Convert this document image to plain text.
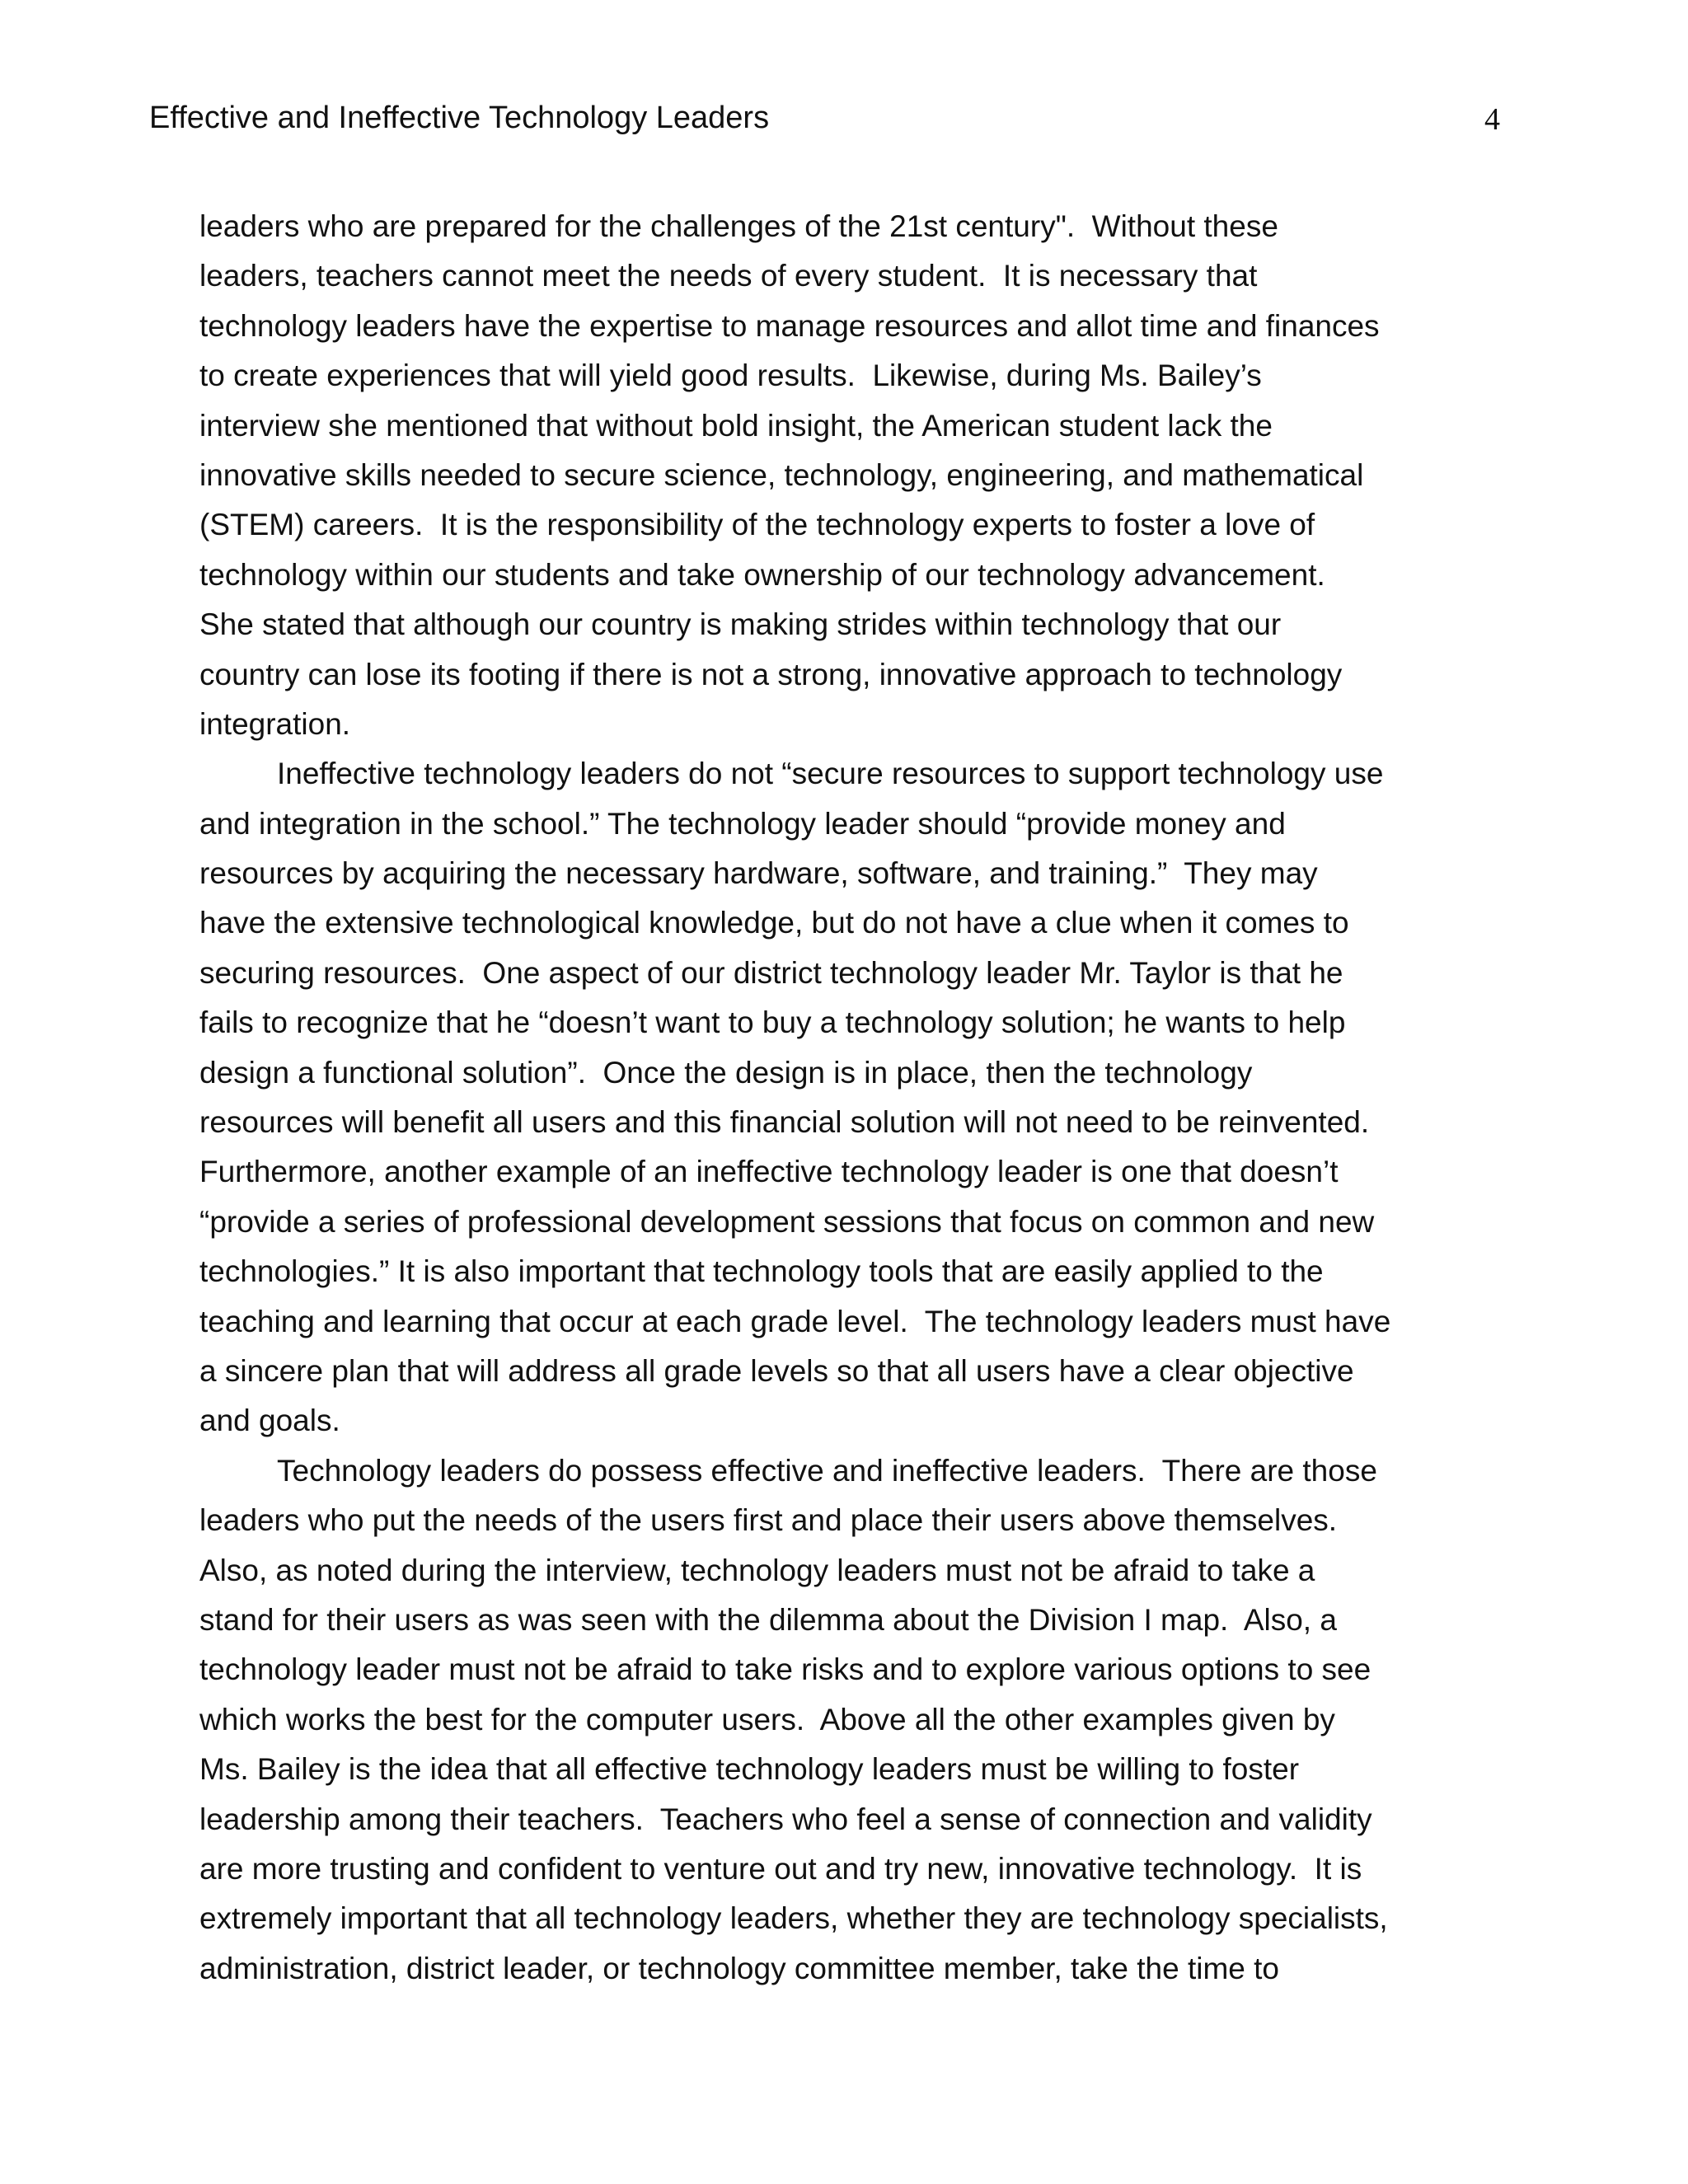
Effective and Ineffective Technology Leaders	4
leaders who are prepared for the challenges of the 21st century".  Without these
leaders, teachers cannot meet the needs of every student.  It is necessary that
technology leaders have the expertise to manage resources and allot time and finances
to create experiences that will yield good results.  Likewise, during Ms. Bailey’s
interview she mentioned that without bold insight, the American student lack the
innovative skills needed to secure science, technology, engineering, and mathematical
(STEM) careers.  It is the responsibility of the technology experts to foster a love of
technology within our students and take ownership of our technology advancement.
She stated that although our country is making strides within technology that our
country can lose its footing if there is not a strong, innovative approach to technology
integration.
Ineffective technology leaders do not “secure resources to support technology use
and integration in the school.” The technology leader should “provide money and
resources by acquiring the necessary hardware, software, and training.”  They may
have the extensive technological knowledge, but do not have a clue when it comes to
securing resources.  One aspect of our district technology leader Mr. Taylor is that he
fails to recognize that he “doesn’t want to buy a technology solution; he wants to help
design a functional solution”.  Once the design is in place, then the technology
resources will benefit all users and this financial solution will not need to be reinvented.
Furthermore, another example of an ineffective technology leader is one that doesn’t
“provide a series of professional development sessions that focus on common and new
technologies.” It is also important that technology tools that are easily applied to the
teaching and learning that occur at each grade level.  The technology leaders must have
a sincere plan that will address all grade levels so that all users have a clear objective
and goals.
Technology leaders do possess effective and ineffective leaders.  There are those
leaders who put the needs of the users first and place their users above themselves.
Also, as noted during the interview, technology leaders must not be afraid to take a
stand for their users as was seen with the dilemma about the Division I map.  Also, a
technology leader must not be afraid to take risks and to explore various options to see
which works the best for the computer users.  Above all the other examples given by
Ms. Bailey is the idea that all effective technology leaders must be willing to foster
leadership among their teachers.  Teachers who feel a sense of connection and validity
are more trusting and confident to venture out and try new, innovative technology.  It is
extremely important that all technology leaders, whether they are technology specialists,
administration, district leader, or technology committee member, take the time to
